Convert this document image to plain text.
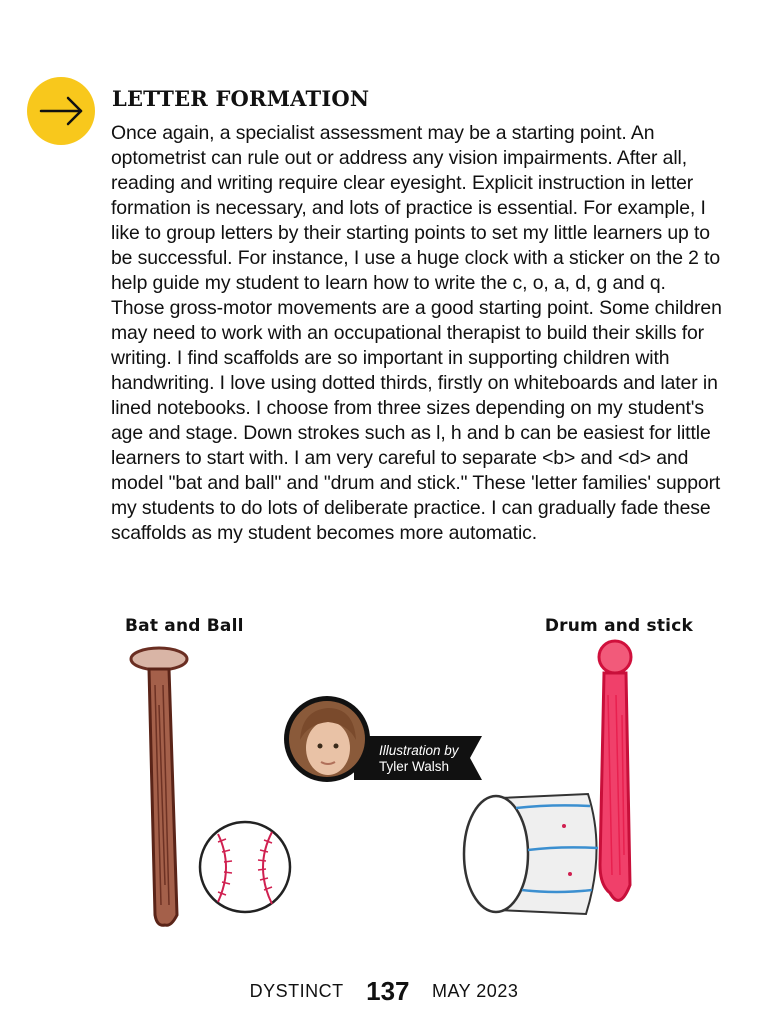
LETTER FORMATION

Once again, a specialist assessment may be a starting point. An optometrist can rule out or address any vision impairments. After all, reading and writing require clear eyesight. Explicit instruction in letter formation is necessary, and lots of practice is essential. For example, I like to group letters by their starting points to set my little learners up to be successful. For instance, I use a huge clock with a sticker on the 2 to help guide my student to learn how to write the c, o, a, d, g and q. Those gross-motor movements are a good starting point. Some children may need to work with an occupational therapist to build their skills for writing. I find scaffolds are so important in supporting children with handwriting. I love using dotted thirds, firstly on whiteboards and later in lined notebooks. I choose from three sizes depending on my student's age and stage. Down strokes such as l, h and b can be easiest for little learners to start with. I am very careful to separate <b> and <d> and model "bat and ball" and "drum and stick." These 'letter families' support my students to do lots of deliberate practice. I can gradually fade these scaffolds as my student becomes more automatic.

Bat and Ball	Drum and stick
Illustration by
Tyler Walsh
DYSTINCT 137 MAY 2023
